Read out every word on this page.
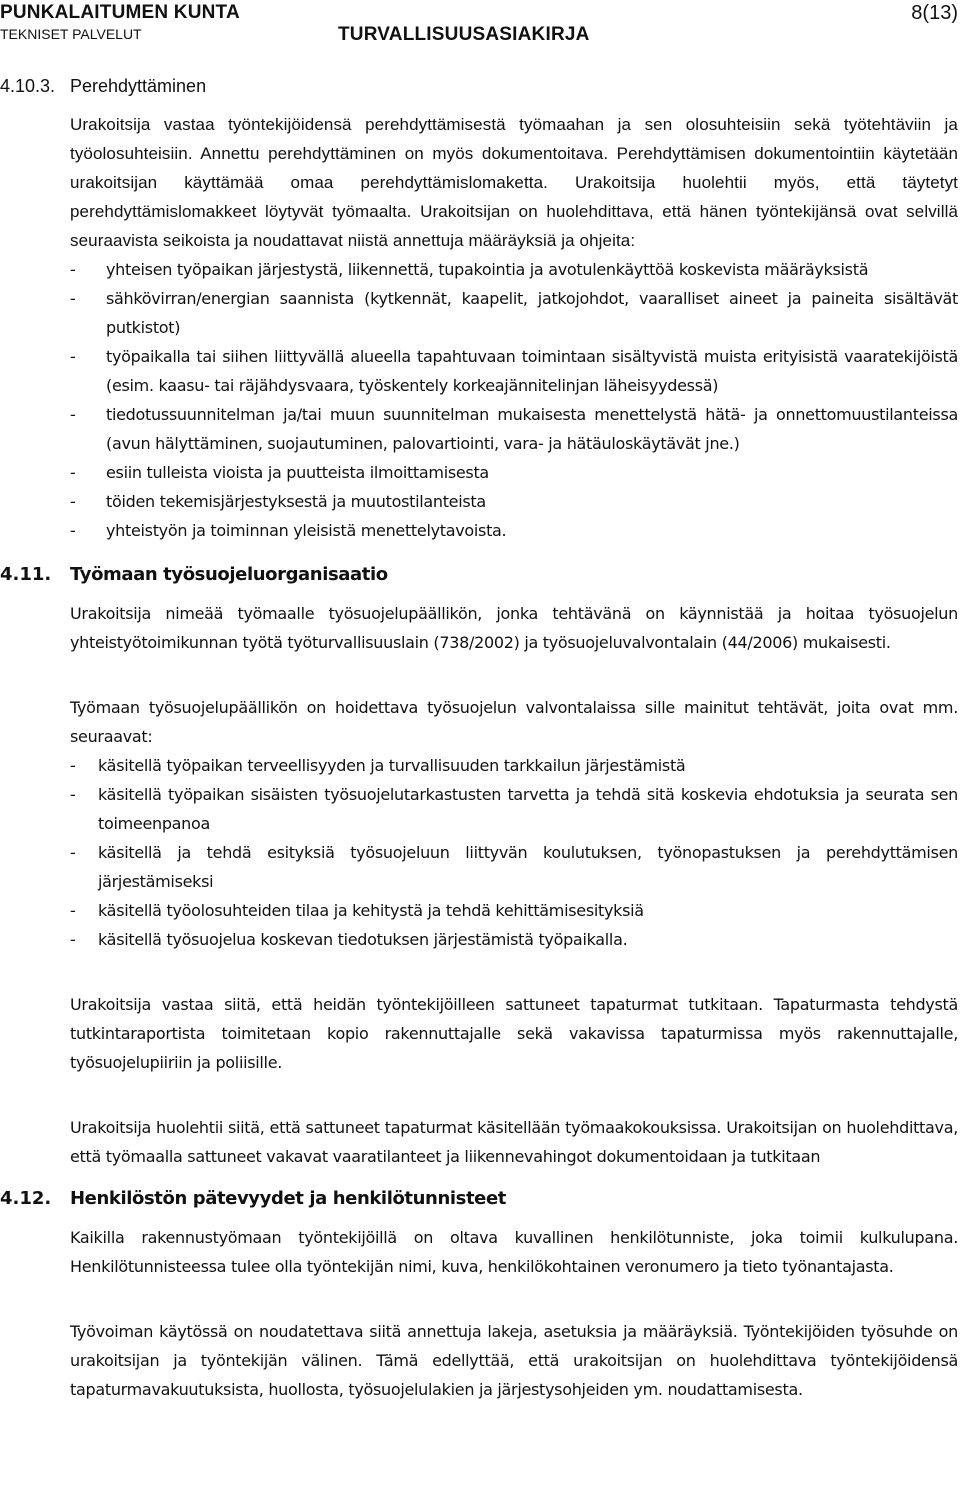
PUNKALAITUMEN KUNTA
TEKNISET PALVELUT	TURVALLISUUSASIAKIRJA
8(13)
4.10.3. Perehdyttäminen

Urakoitsija vastaa työntekijöidensä perehdyttämisestä työmaahan ja sen olosuhteisiin sekä työtehtäviin ja työolosuhteisiin. Annettu perehdyttäminen on myös dokumentoitava. Perehdyttämisen dokumentointiin käytetään urakoitsijan käyttämää omaa perehdyttämislomaketta. Urakoitsija huolehtii myös, että täytetyt perehdyttämislomakkeet löytyvät työmaalta. Urakoitsijan on huolehdittava, että hänen työntekijänsä ovat selvillä seuraavista seikoista ja noudattavat niistä annettuja määräyksiä ja ohjeita:

- yhteisen työpaikan järjestystä, liikennettä, tupakointia ja avotulenkäyttöä koskevista määräyksistä
- sähkövirran/energian saannista (kytkennät, kaapelit, jatkojohdot, vaaralliset aineet ja paineita sisältävät putkistot)
- työpaikalla tai siihen liittyvällä alueella tapahtuvaan toimintaan sisältyvistä muista erityisistä vaaratekijöistä (esim. kaasu- tai räjähdysvaara, työskentely korkeajännitelinjan läheisyydessä)
- tiedotussuunnitelman ja/tai muun suunnitelman mukaisesta menettelystä hätä- ja onnettomuustilanteissa (avun hälyttäminen, suojautuminen, palovartiointi, vara- ja hätäuloskäytävät jne.)
- esiin tulleista vioista ja puutteista ilmoittamisesta
- töiden tekemisjärjestyksestä ja muutostilanteista
- yhteistyön ja toiminnan yleisistä menettelytavoista.
4.11. Työmaan työsuojeluorganisaatio

Urakoitsija nimeää työmaalle työsuojelupäällikön, jonka tehtävänä on käynnistää ja hoitaa työsuojelun yhteistyötoimikunnan työtä työturvallisuuslain (738/2002) ja työsuojeluvalvontalain (44/2006) mukaisesti.

Työmaan työsuojelupäällikön on hoidettava työsuojelun valvontalaissa sille mainitut tehtävät, joita ovat mm. seuraavat:

- käsitellä työpaikan terveellisyyden ja turvallisuuden tarkkailun järjestämistä
- käsitellä työpaikan sisäisten työsuojelutarkastusten tarvetta ja tehdä sitä koskevia ehdotuksia ja seurata sen toimeenpanoa
- käsitellä ja tehdä esityksiä työsuojeluun liittyvän koulutuksen, työnopastuksen ja perehdyttämisen järjestämiseksi
- käsitellä työolosuhteiden tilaa ja kehitystä ja tehdä kehittämisesityksiä
- käsitellä työsuojelua koskevan tiedotuksen järjestämistä työpaikalla.

Urakoitsija vastaa siitä, että heidän työntekijöilleen sattuneet tapaturmat tutkitaan. Tapaturmasta tehdystä tutkintaraportista toimitetaan kopio rakennuttajalle sekä vakavissa tapaturmissa myös rakennuttajalle, työsuojelupiiriin ja poliisille.

Urakoitsija huolehtii siitä, että sattuneet tapaturmat käsitellään työmaakokouksissa. Urakoitsijan on huolehdittava, että työmaalla sattuneet vakavat vaaratilanteet ja liikennevahingot dokumentoidaan ja tutkitaan

4.12. Henkilöstön pätevyydet ja henkilötunnisteet

Kaikilla rakennustyömaan työntekijöillä on oltava kuvallinen henkilötunniste, joka toimii kulkulupana. Henkilötunnisteessa tulee olla työntekijän nimi, kuva, henkilökohtainen veronumero ja tieto työnantajasta.

Työvoiman käytössä on noudatettava siitä annettuja lakeja, asetuksia ja määräyksiä. Työntekijöiden työsuhde on urakoitsijan ja työntekijän välinen. Tämä edellyttää, että urakoitsijan on huolehdittava työntekijöidensä tapaturmavakuutuksista, huollosta, työsuojelulakien ja järjestysohjeiden ym. noudattamisesta.
